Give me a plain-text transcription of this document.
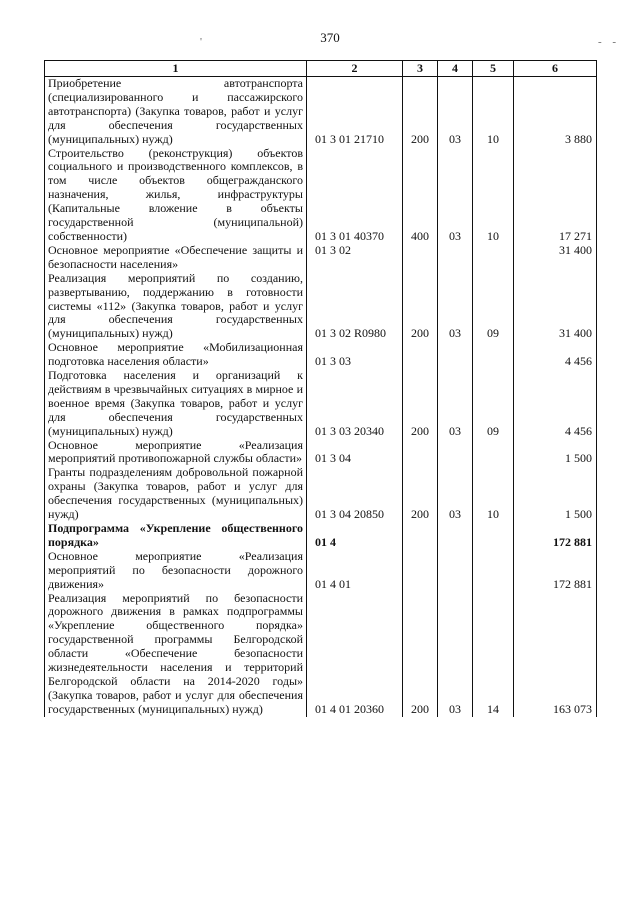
370
'	- -
1	2	3	4	5	6
Приобретение автотранспорта (специализированного и пассажирского автотранспорта) (Закупка товаров, работ и услуг для обеспечения государственных (муниципальных) нужд)	01 3 01 21710	200	03	10	3 880
Строительство (реконструкция) объектов социального и производственного комплексов, в том числе объектов общегражданского назначения, жилья, инфраструктуры (Капитальные вложение в объекты государственной (муниципальной) собственности)	01 3 01 40370	400	03	10	17 271
Основное мероприятие «Обеспечение защиты и безопасности населения»	01 3 02				31 400
Реализация мероприятий по созданию, развертыванию, поддержанию в готовности системы «112» (Закупка товаров, работ и услуг для обеспечения государственных (муниципальных) нужд)	01 3 02 R0980	200	03	09	31 400
Основное мероприятие «Мобилизационная подготовка населения области»	01 3 03				4 456
Подготовка населения и организаций к действиям в чрезвычайных ситуациях в мирное и военное время (Закупка товаров, работ и услуг для обеспечения государственных (муниципальных) нужд)	01 3 03 20340	200	03	09	4 456
Основное мероприятие «Реализация мероприятий противопожарной службы области»	01 3 04				1 500
Гранты подразделениям добровольной пожарной охраны (Закупка товаров, работ и услуг для обеспечения государственных (муниципальных) нужд)	01 3 04 20850	200	03	10	1 500
Подпрограмма «Укрепление общественного порядка»	01 4				172 881
Основное мероприятие «Реализация мероприятий по безопасности дорожного движения»	01 4 01				172 881
Реализация мероприятий по безопасности дорожного движения в рамках подпрограммы «Укрепление общественного порядка» государственной программы Белгородской области «Обеспечение безопасности жизнедеятельности населения и территорий Белгородской области на 2014-2020 годы» (Закупка товаров, работ и услуг для обеспечения государственных (муниципальных) нужд)	01 4 01 20360	200	03	14	163 073
